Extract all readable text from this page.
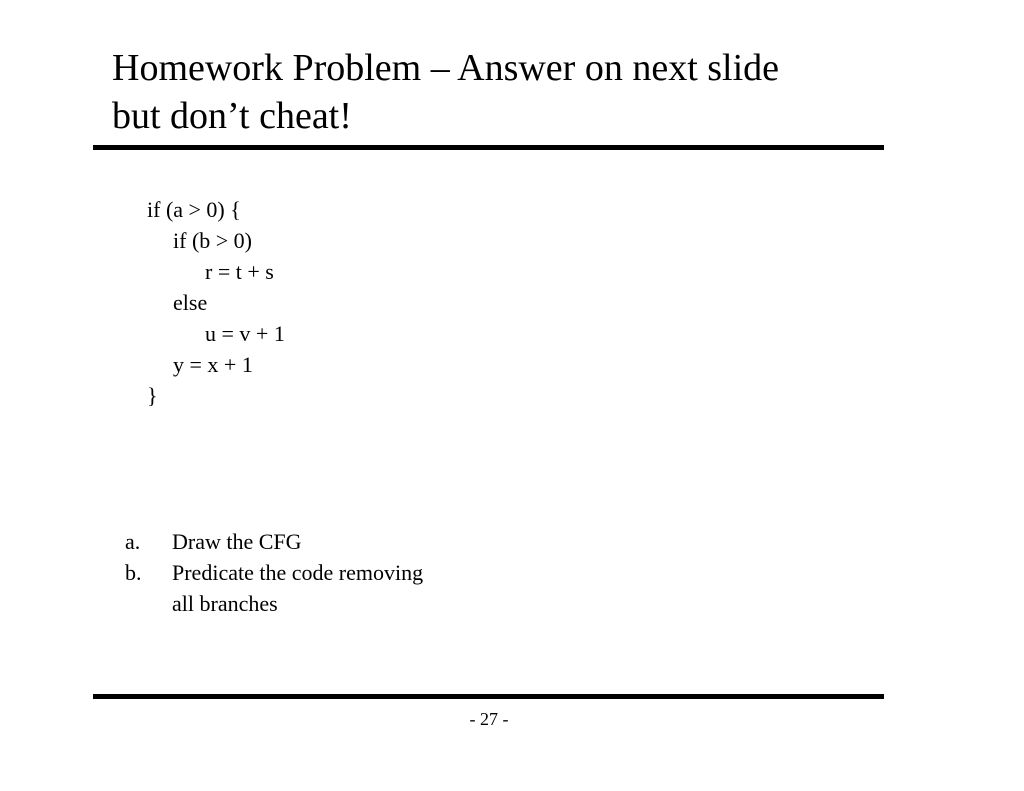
Homework Problem – Answer on next slide
but don’t cheat!
if (a > 0) {
if (b > 0)
r = t + s
else
u = v + 1
y = x + 1
}
a. Draw the CFG
b. Predicate the code removing
all branches
- 27 -
